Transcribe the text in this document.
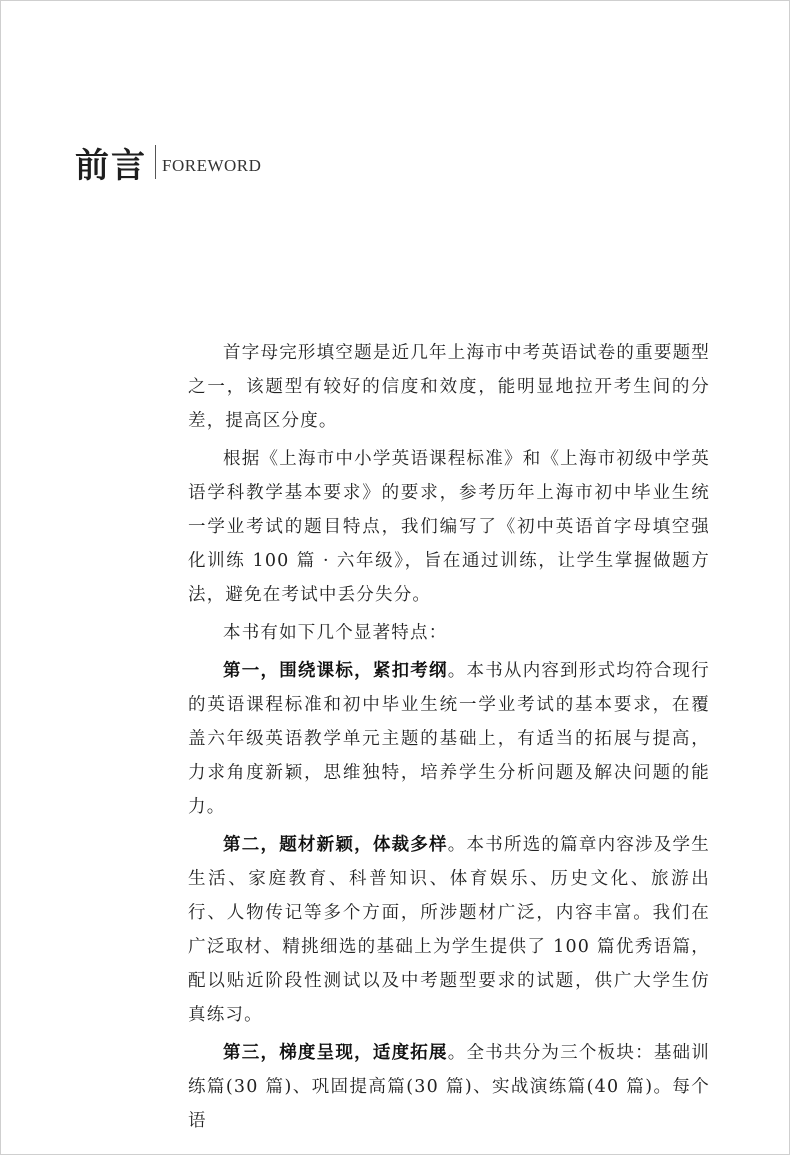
前言 FOREWORD

首字母完形填空题是近几年上海市中考英语试卷的重要题型之一，该题型有较好的信度和效度，能明显地拉开考生间的分差，提高区分度。

根据《上海市中小学英语课程标准》和《上海市初级中学英语学科教学基本要求》的要求，参考历年上海市初中毕业生统一学业考试的题目特点，我们编写了《初中英语首字母填空强化训练 100 篇 · 六年级》，旨在通过训练，让学生掌握做题方法，避免在考试中丢分失分。

本书有如下几个显著特点：

第一，围绕课标，紧扣考纲。本书从内容到形式均符合现行的英语课程标准和初中毕业生统一学业考试的基本要求，在覆盖六年级英语教学单元主题的基础上，有适当的拓展与提高，力求角度新颖，思维独特，培养学生分析问题及解决问题的能力。

第二，题材新颖，体裁多样。本书所选的篇章内容涉及学生生活、家庭教育、科普知识、体育娱乐、历史文化、旅游出行、人物传记等多个方面，所涉题材广泛，内容丰富。我们在广泛取材、精挑细选的基础上为学生提供了 100 篇优秀语篇，配以贴近阶段性测试以及中考题型要求的试题，供广大学生仿真练习。

第三，梯度呈现，适度拓展。全书共分为三个板块：基础训练篇(30 篇)、巩固提高篇(30 篇)、实战演练篇(40 篇)。每个语
